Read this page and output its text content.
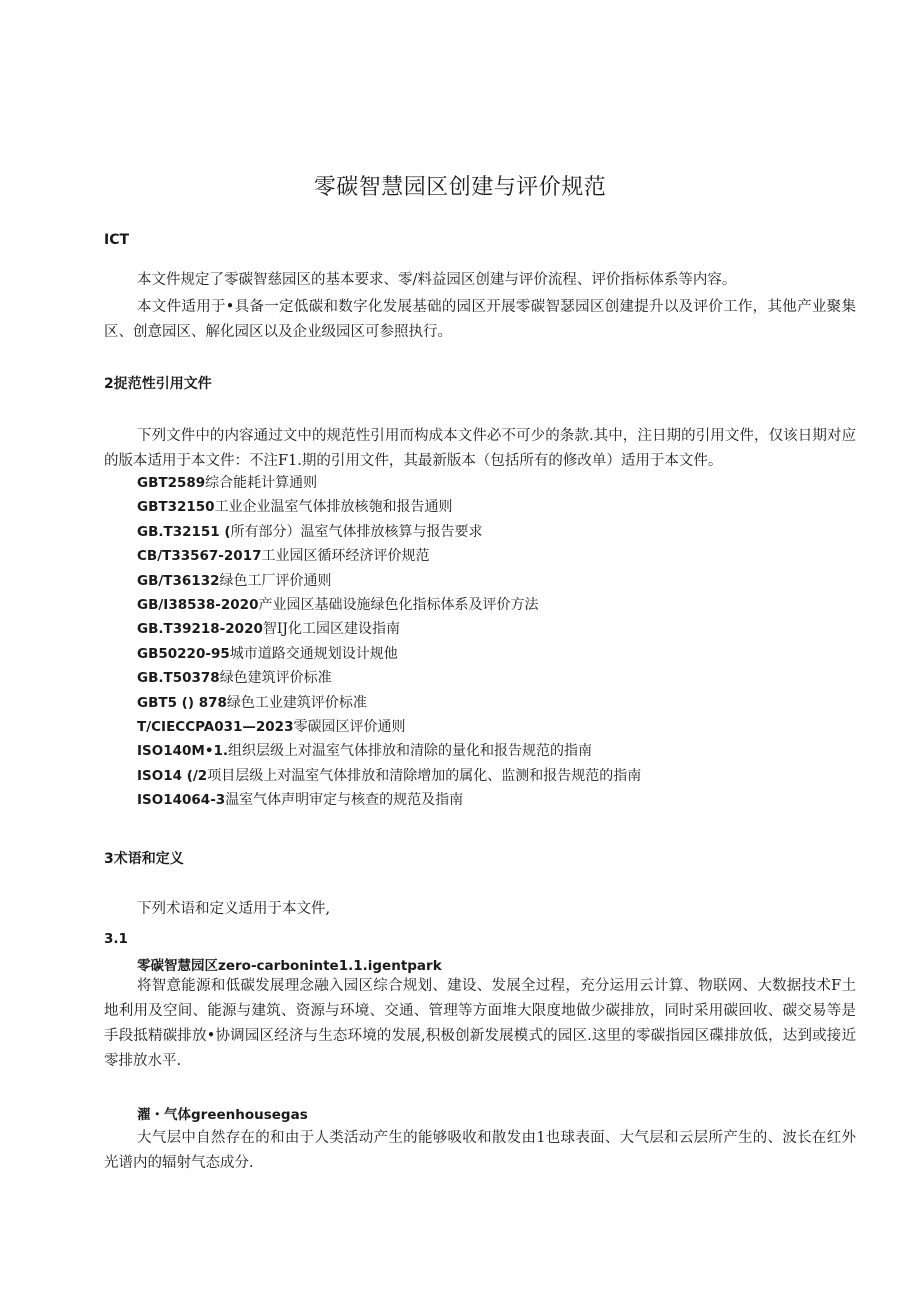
零碳智慧园区创建与评价规范
ICT
本文件规定了零碳智慈园区的基本要求、零/料益园区创建与评价流程、评价指标体系等内容。
本文件适用于•具备一定低碳和数字化发展基础的园区开展零碳智瑟园区创建提升以及评价工作，其他产业聚集区、创意园区、解化园区以及企业级园区可参照执行。
2捉范性引用文件
下列文件中的内容通过文中的规范性引用而构成本文件必不可少的条款.其中，注日期的引用文件，仅该日期对应的版本适用于本文件：不注F1.期的引用文件，其最新版本（包括所有的修改单）适用于本文件。
GBT2589综合能耗计算通则
GBT32150工业企业温室气体排放核匏和报告通则
GB.T32151 (所有部分）温室气体排放核算与报告要求
CB/T33567-2017工业园区循环经济评价规范
GB/T36132绿色工厂评价通则
GB/I38538-2020产业园区基础设施绿色化指标体系及评价方法
GB.T39218-2020智IJ化工园区建设指南
GB50220-95城市道路交通规划设计规他
GB.T50378绿色建筑评价标准
GBT5 () 878绿色工业建筑评价标准
T/CIECCPA031—2023零碳园区评价通则
ISO140M•1.组织层级上对温室气体排放和清除的量化和报告规范的指南
ISO14 (/2项目层级上对温室气体排放和清除增加的属化、监测和报告规范的指南
ISO14064-3温室气体声明审定与核查的规范及指南
3术语和定义
下列术语和定义适用于本文件,
3.1
零碳智慧园区zero-carboninte1.1.igentpark
将智意能源和低碳发展理念融入园区综合规划、建设、发展全过程，充分运用云计算、物联网、大数据技术F土地利用及空间、能源与建筑、资源与环境、交通、管理等方面堆大限度地做少碳排放，同时采用碳回收、碳交易等是手段抵精碳排放•协调园区经济与生态环境的发展,积极创新发展模式的园区.这里的零碳指园区碟排放低，达到或接近零排放水平.
濯・气体greenhousegas
大气层中自然存在的和由于人类活动产生的能够吸收和散发由1也球表面、大气层和云层所产生的、波长在红外光谱内的辐射气态成分.
